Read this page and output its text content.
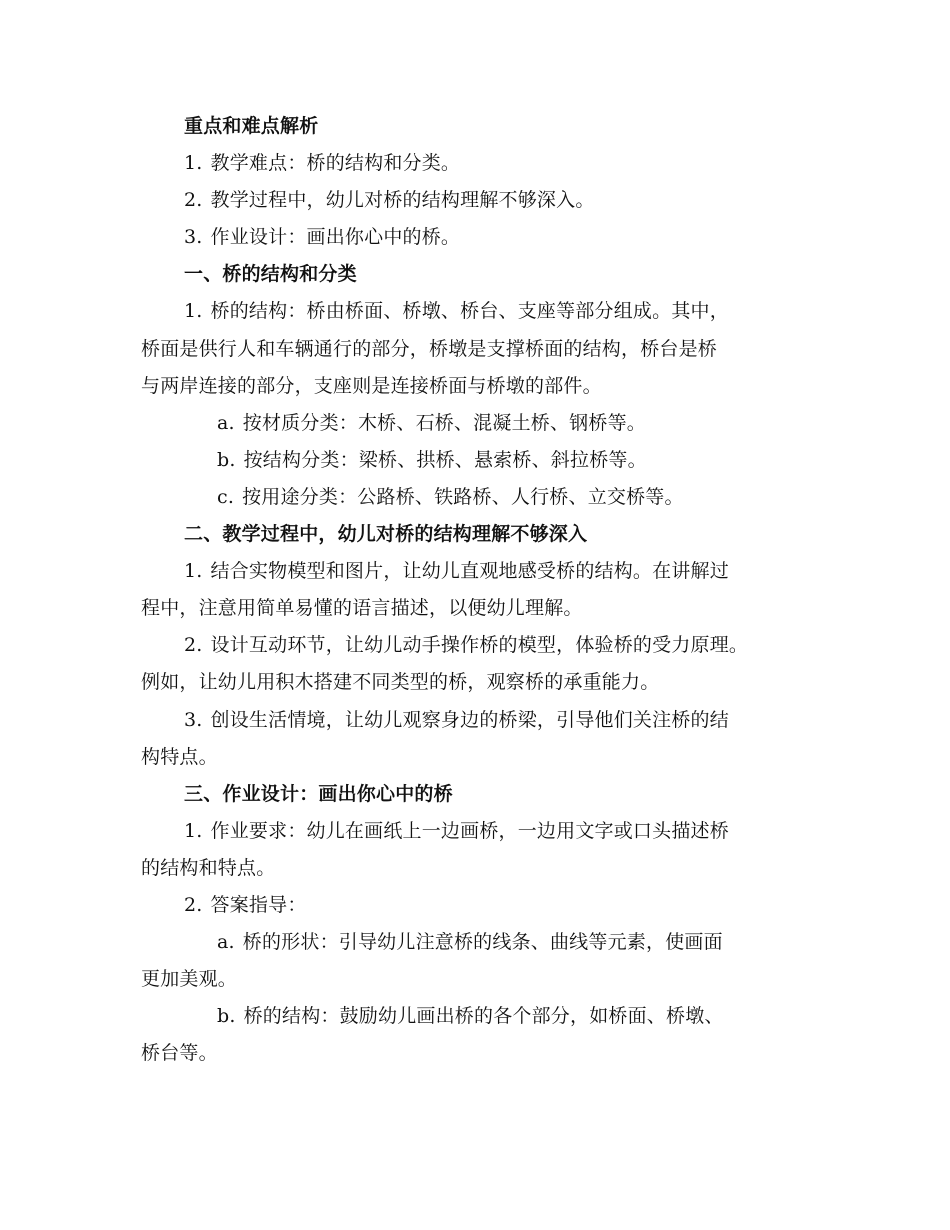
重点和难点解析
1. 教学难点：桥的结构和分类。
2. 教学过程中，幼儿对桥的结构理解不够深入。
3. 作业设计：画出你心中的桥。
一、桥的结构和分类
1. 桥的结构：桥由桥面、桥墩、桥台、支座等部分组成。其中，
桥面是供行人和车辆通行的部分，桥墩是支撑桥面的结构，桥台是桥
与两岸连接的部分，支座则是连接桥面与桥墩的部件。
a. 按材质分类：木桥、石桥、混凝土桥、钢桥等。
b. 按结构分类：梁桥、拱桥、悬索桥、斜拉桥等。
c. 按用途分类：公路桥、铁路桥、人行桥、立交桥等。
二、教学过程中，幼儿对桥的结构理解不够深入
1. 结合实物模型和图片，让幼儿直观地感受桥的结构。在讲解过
程中，注意用简单易懂的语言描述，以便幼儿理解。
2. 设计互动环节，让幼儿动手操作桥的模型，体验桥的受力原理。
例如，让幼儿用积木搭建不同类型的桥，观察桥的承重能力。
3. 创设生活情境，让幼儿观察身边的桥梁，引导他们关注桥的结
构特点。
三、作业设计：画出你心中的桥
1. 作业要求：幼儿在画纸上一边画桥，一边用文字或口头描述桥
的结构和特点。
2. 答案指导：
a. 桥的形状：引导幼儿注意桥的线条、曲线等元素，使画面
更加美观。
b. 桥的结构：鼓励幼儿画出桥的各个部分，如桥面、桥墩、
桥台等。
